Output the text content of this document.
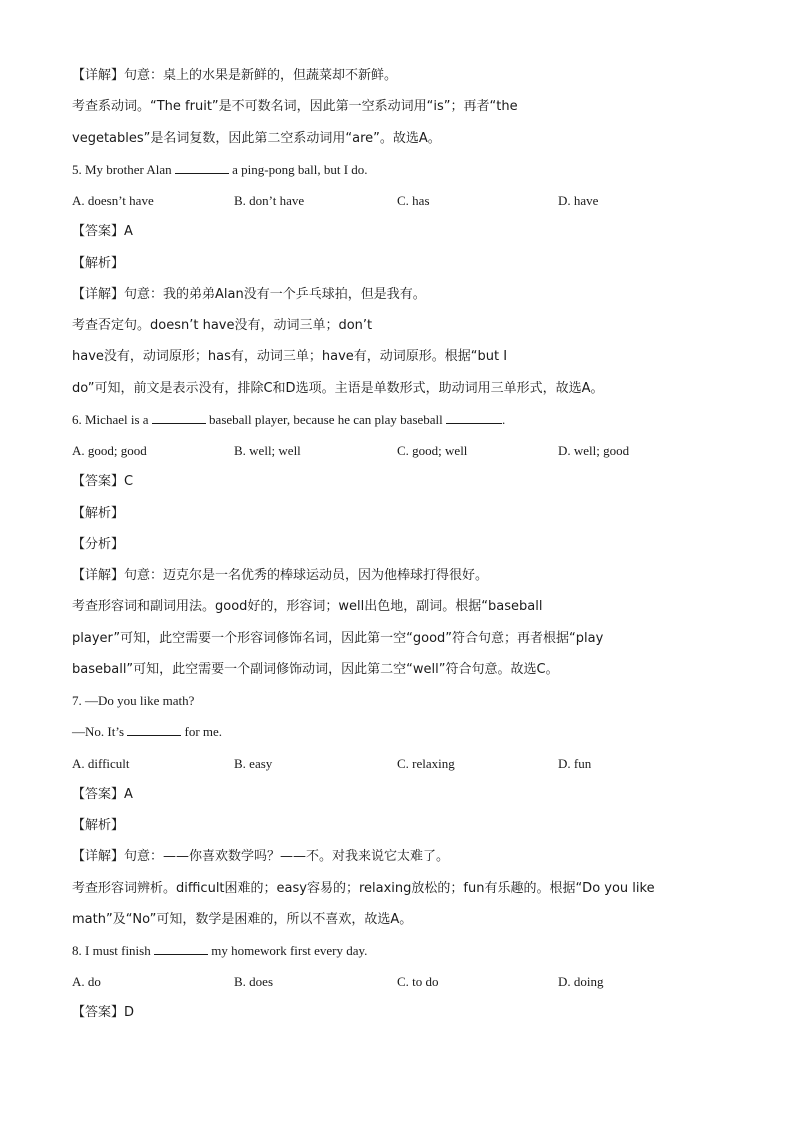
【详解】句意：桌上的水果是新鲜的，但蔬菜却不新鲜。
考查系动词。“The fruit”是不可数名词，因此第一空系动词用“is”；再者“the
vegetables”是名词复数，因此第二空系动词用“are”。故选A。
5. My brother Alan	a ping-pong ball, but I do.
A. doesn’t have	B. don’t have	C. has	D. have
【答案】A
【解析】
【详解】句意：我的弟弟Alan没有一个乒乓球拍，但是我有。
考查否定句。doesn’t have没有，动词三单；don’t
have没有，动词原形；has有，动词三单；have有，动词原形。根据“but I
do”可知，前文是表示没有，排除C和D选项。主语是单数形式，助动词用三单形式，故选A。
6. Michael is a	baseball player, because he can play baseball	.
A. good; good	B. well; well	C. good; well	D. well; good
【答案】C
【解析】
【分析】
【详解】句意：迈克尔是一名优秀的棒球运动员，因为他棒球打得很好。
考查形容词和副词用法。good好的，形容词；well出色地，副词。根据“baseball
player”可知，此空需要一个形容词修饰名词，因此第一空“good”符合句意；再者根据“play
baseball”可知，此空需要一个副词修饰动词，因此第二空“well”符合句意。故选C。
7. —Do you like math?
—No. It’s	for me.
A. difficult	B. easy	C. relaxing	D. fun
【答案】A
【解析】
【详解】句意：——你喜欢数学吗？——不。对我来说它太难了。
考查形容词辨析。difficult困难的；easy容易的；relaxing放松的；fun有乐趣的。根据“Do you like
math”及“No”可知，数学是困难的，所以不喜欢，故选A。
8. I must finish	my homework first every day.
A. do	B. does	C. to do	D. doing
【答案】D
